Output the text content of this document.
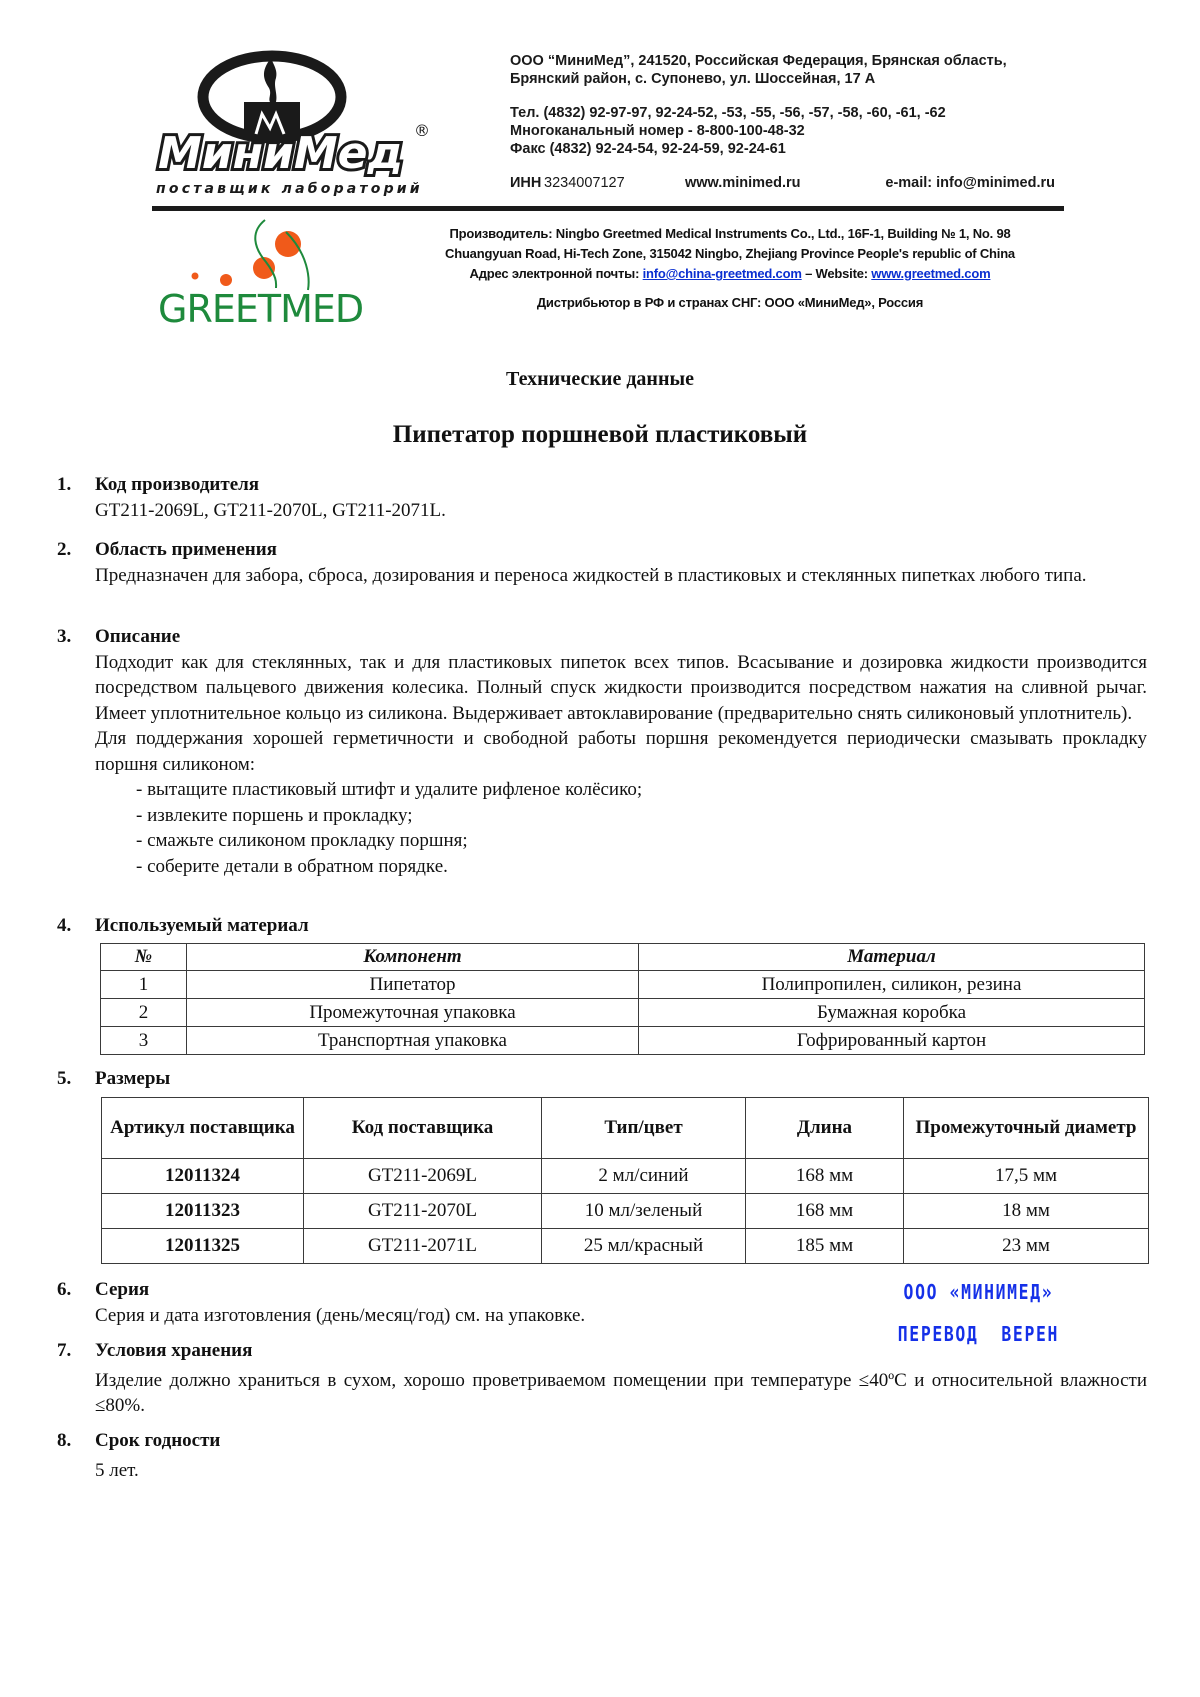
МиниМед ®
поставщик лабораторий
ООО “МиниМед”, 241520, Российская Федерация, Брянская область,
Брянский район, с. Супонево, ул. Шоссейная, 17 А
Тел. (4832) 92-97-97, 92-24-52, -53, -55, -56, -57, -58, -60, -61, -62
Многоканальный номер - 8-800-100-48-32
Факс (4832) 92-24-54, 92-24-59, 92-24-61
ИНН 3234007127	www.minimed.ru	e-mail: info@minimed.ru
GREETMED
Производитель: Ningbo Greetmed Medical Instruments Co., Ltd., 16F-1, Building № 1, No. 98
Chuangyuan Road, Hi-Tech Zone, 315042 Ningbo, Zhejiang Province People's republic of China
Адрес электронной почты: info@china-greetmed.com – Website: www.greetmed.com
Дистрибьютор в РФ и странах СНГ: ООО «МиниМед», Россия
Технические данные
Пипетатор поршневой пластиковый
1. Код производителя
GT211-2069L, GT211-2070L, GT211-2071L.
2. Область применения
Предназначен для забора, сброса, дозирования и переноса жидкостей в пластиковых и стеклянных пипетках любого типа.
3. Описание
Подходит как для стеклянных, так и для пластиковых пипеток всех типов. Всасывание и дозировка жидкости производится посредством пальцевого движения колесика. Полный спуск жидкости производится посредством нажатия на сливной рычаг. Имеет уплотнительное кольцо из силикона. Выдерживает автоклавирование (предварительно снять силиконовый уплотнитель).
Для поддержания хорошей герметичности и свободной работы поршня рекомендуется периодически смазывать прокладку поршня силиконом:
- вытащите пластиковый штифт и удалите рифленое колёсико;
- извлеките поршень и прокладку;
- смажьте силиконом прокладку поршня;
- соберите детали в обратном порядке.
4. Используемый материал
№	Компонент	Материал
1	Пипетатор	Полипропилен, силикон, резина
2	Промежуточная упаковка	Бумажная коробка
3	Транспортная упаковка	Гофрированный картон
5. Размеры
Артикул поставщика	Код поставщика	Тип/цвет	Длина	Промежуточный диаметр
12011324	GT211-2069L	2 мл/синий	168 мм	17,5 мм
12011323	GT211-2070L	10 мл/зеленый	168 мм	18 мм
12011325	GT211-2071L	25 мл/красный	185 мм	23 мм
6. Серия
Серия и дата изготовления (день/месяц/год) см. на упаковке.
7. Условия хранения
Изделие должно храниться в сухом, хорошо проветриваемом помещении при температуре ≤40ºС и относительной влажности ≤80%.
8. Срок годности
5 лет.
ООО «МИНИМЕД»
ПЕРЕВОД  ВЕРЕН
